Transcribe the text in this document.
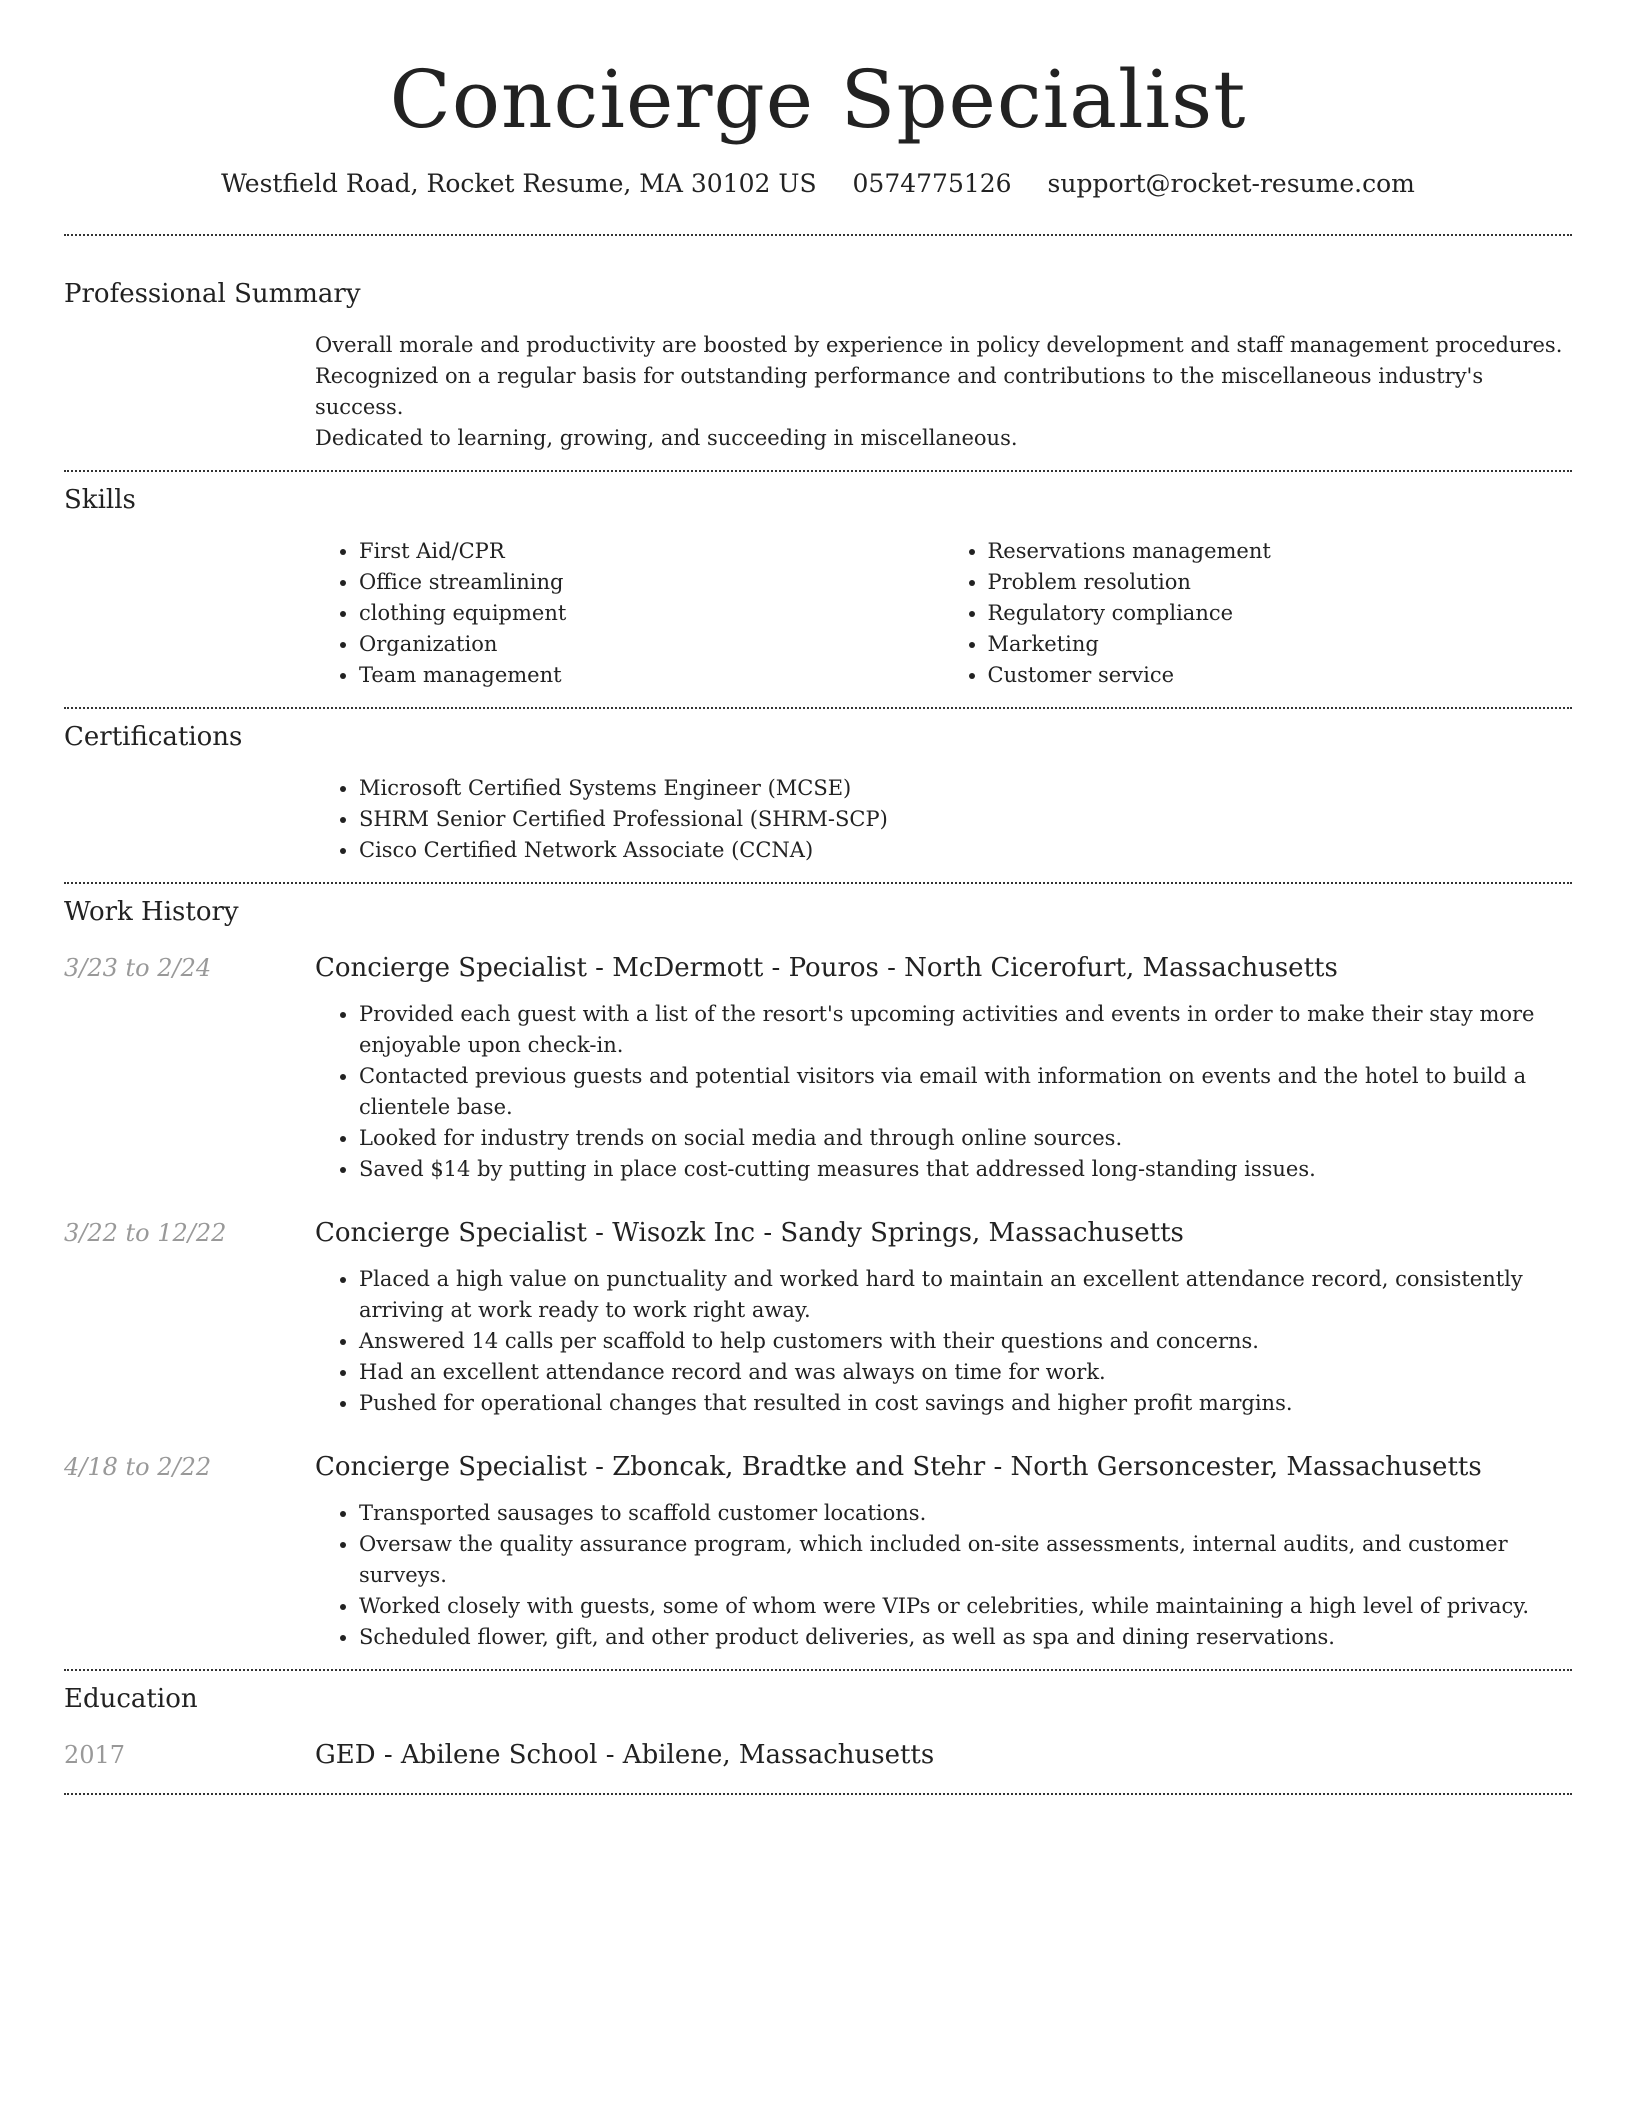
Concierge Specialist
Westfield Road, Rocket Resume, MA 30102 US 0574775126 support@rocket-resume.com
Professional Summary

Overall morale and productivity are boosted by experience in policy development and staff management procedures.

Recognized on a regular basis for outstanding performance and contributions to the miscellaneous industry's success.

Dedicated to learning, growing, and succeeding in miscellaneous.

Skills
• First Aid/CPR
• Office streamlining
• clothing equipment
• Organization
• Team management
• Reservations management
• Problem resolution
• Regulatory compliance
• Marketing
• Customer service
Certifications
• Microsoft Certified Systems Engineer (MCSE)
• SHRM Senior Certified Professional (SHRM-SCP)
• Cisco Certified Network Associate (CCNA)
Work History
3/23 to 2/24	Concierge Specialist - McDermott - Pouros - North Cicerofurt, Massachusetts
• Provided each guest with a list of the resort's upcoming activities and events in order to make their stay more enjoyable upon check-in.
• Contacted previous guests and potential visitors via email with information on events and the hotel to build a clientele base.
• Looked for industry trends on social media and through online sources.
• Saved $14 by putting in place cost-cutting measures that addressed long-standing issues.
3/22 to 12/22	Concierge Specialist - Wisozk Inc - Sandy Springs, Massachusetts
• Placed a high value on punctuality and worked hard to maintain an excellent attendance record, consistently arriving at work ready to work right away.
• Answered 14 calls per scaffold to help customers with their questions and concerns.
• Had an excellent attendance record and was always on time for work.
• Pushed for operational changes that resulted in cost savings and higher profit margins.
4/18 to 2/22	Concierge Specialist - Zboncak, Bradtke and Stehr - North Gersoncester, Massachusetts
• Transported sausages to scaffold customer locations.
• Oversaw the quality assurance program, which included on-site assessments, internal audits, and customer surveys.
• Worked closely with guests, some of whom were VIPs or celebrities, while maintaining a high level of privacy.
• Scheduled flower, gift, and other product deliveries, as well as spa and dining reservations.
Education
2017	GED - Abilene School - Abilene, Massachusetts
